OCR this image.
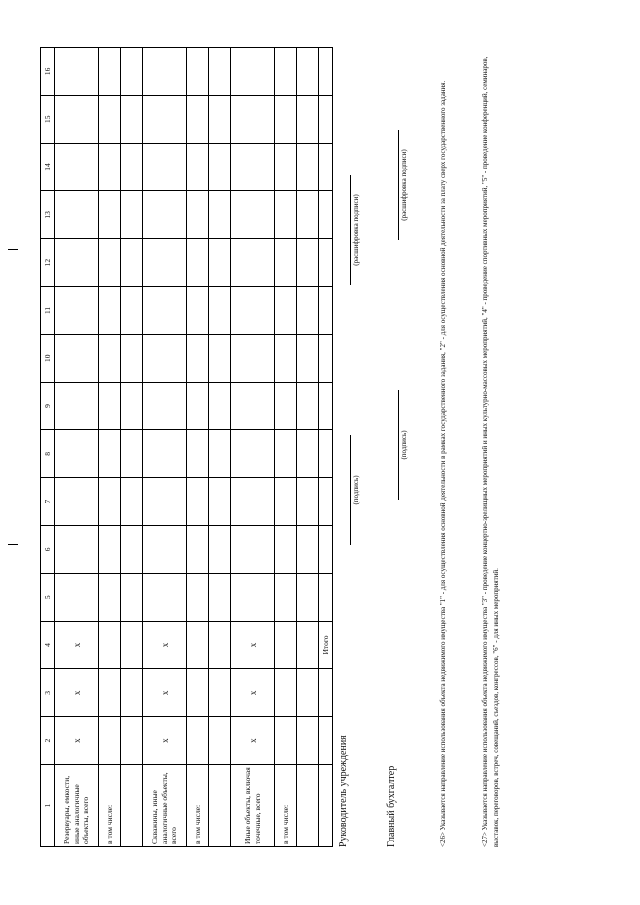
1	2	3	4	5	6	7	8	9	10	11	12	13	14	15	16
Резервуары, емкости, иные аналогичные объекты, всего	x	x	x												
в том числе:															

Скважины, иные аналогичные объекты, всего	x	x	x												
в том числе:															

Иные объекты, включая точечные, всего	x	x	x												
в том числе:															

			Итого												
Руководитель учреждения
(подпись)
(расшифровка подписи)
Главный бухгалтер
(подпись)
(расшифровка подписи)	<26> Указывается направление использования объекта недвижимого имущества "1" - для осуществления основной деятельности в рамках государственного задания, "2" - для осуществления основной деятельности за плату сверх государственного задания.	<27> Указывается направление использования объекта недвижимого имущества "3" - проведение концертно-зрелищных мероприятий и иных культурно-массовых мероприятий, "4" - проведение спортивных мероприятий, "5" - проведение конференций, семинаров, выставок, переговоров, встреч, совещаний, съездов, конгрессов, "6" - для иных мероприятий.
